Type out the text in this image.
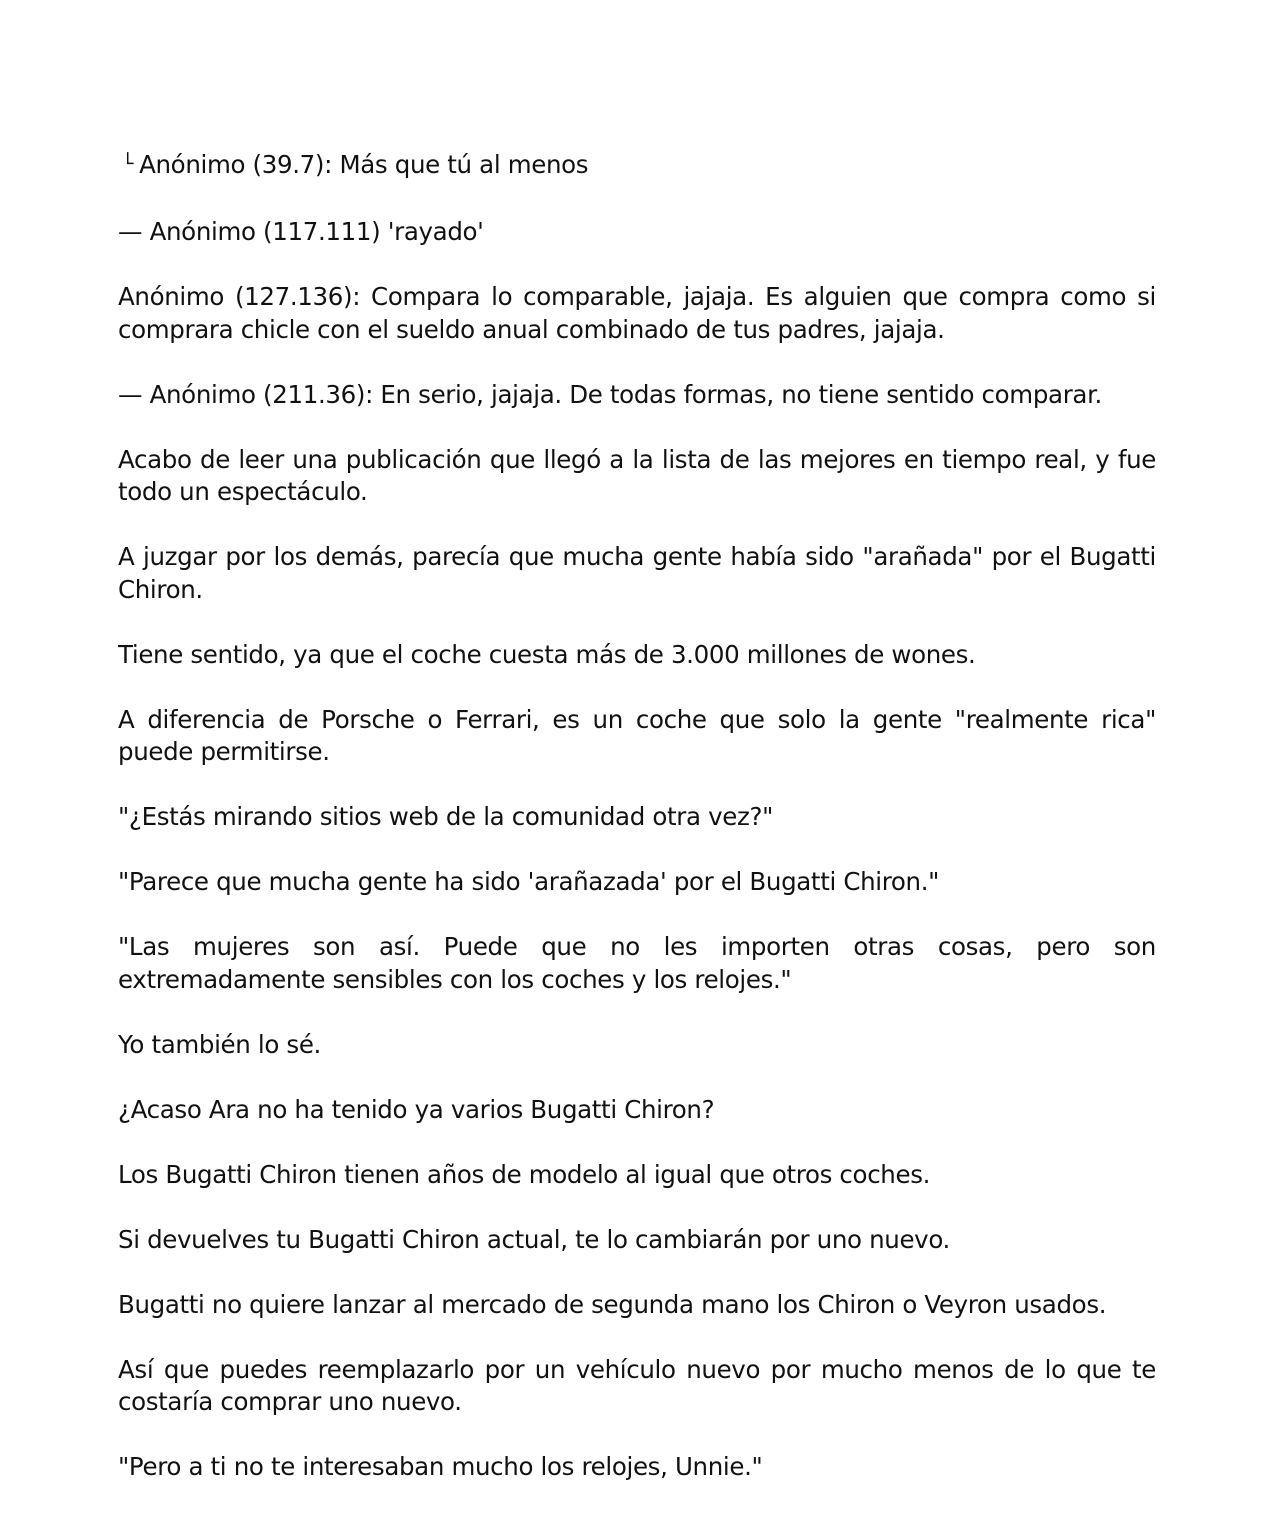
└ Anónimo (39.7): Más que tú al menos

— Anónimo (117.111) 'rayado'

Anónimo (127.136): Compara lo comparable, jajaja. Es alguien que compra como si comprara chicle con el sueldo anual combinado de tus padres, jajaja.

— Anónimo (211.36): En serio, jajaja. De todas formas, no tiene sentido comparar.

Acabo de leer una publicación que llegó a la lista de las mejores en tiempo real, y fue todo un espectáculo.

A juzgar por los demás, parecía que mucha gente había sido "arañada" por el Bugatti Chiron.

Tiene sentido, ya que el coche cuesta más de 3.000 millones de wones.

A diferencia de Porsche o Ferrari, es un coche que solo la gente "realmente rica" puede permitirse.

"¿Estás mirando sitios web de la comunidad otra vez?"

"Parece que mucha gente ha sido 'arañazada' por el Bugatti Chiron."

"Las mujeres son así. Puede que no les importen otras cosas, pero son extremadamente sensibles con los coches y los relojes."

Yo también lo sé.

¿Acaso Ara no ha tenido ya varios Bugatti Chiron?

Los Bugatti Chiron tienen años de modelo al igual que otros coches.

Si devuelves tu Bugatti Chiron actual, te lo cambiarán por uno nuevo.

Bugatti no quiere lanzar al mercado de segunda mano los Chiron o Veyron usados.

Así que puedes reemplazarlo por un vehículo nuevo por mucho menos de lo que te costaría comprar uno nuevo.

"Pero a ti no te interesaban mucho los relojes, Unnie."
